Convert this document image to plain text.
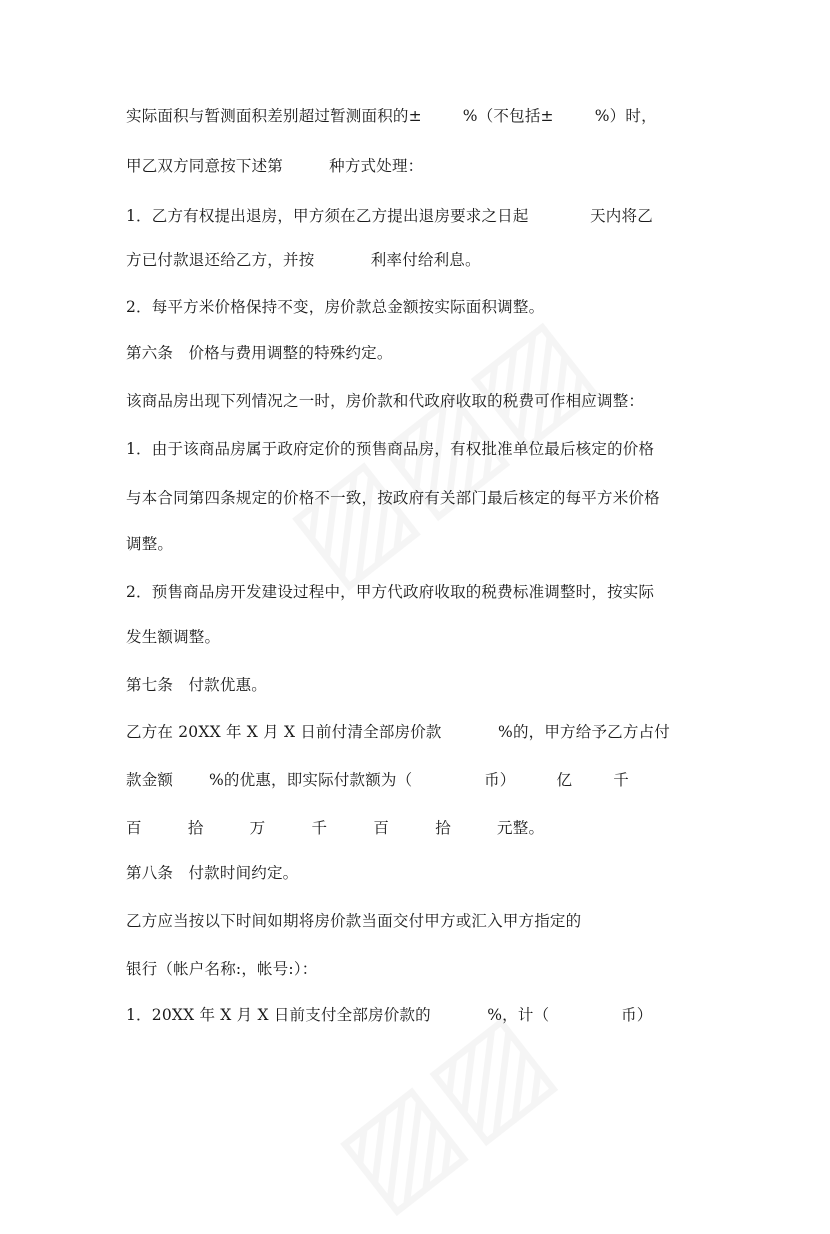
实际面积与暂测面积差别超过暂测面积的±        %（不包括±        %）时，
甲乙双方同意按下述第         种方式处理：
1．乙方有权提出退房，甲方须在乙方提出退房要求之日起            天内将乙
方已付款退还给乙方，并按           利率付给利息。
2．每平方米价格保持不变，房价款总金额按实际面积调整。
第六条   价格与费用调整的特殊约定。
该商品房出现下列情况之一时，房价款和代政府收取的税费可作相应调整：
1．由于该商品房属于政府定价的预售商品房，有权批准单位最后核定的价格
与本合同第四条规定的价格不一致，按政府有关部门最后核定的每平方米价格
调整。
2．预售商品房开发建设过程中，甲方代政府收取的税费标准调整时，按实际
发生额调整。
第七条   付款优惠。
乙方在 20XX 年 X 月 X 日前付清全部房价款           %的，甲方给予乙方占付
款金额       %的优惠，即实际付款额为（              币）        亿        千
百         拾         万         千         百         拾         元整。
第八条   付款时间约定。
乙方应当按以下时间如期将房价款当面交付甲方或汇入甲方指定的
银行（帐户名称:，帐号:）：
1．20XX 年 X 月 X 日前支付全部房价款的           %，计（              币）
